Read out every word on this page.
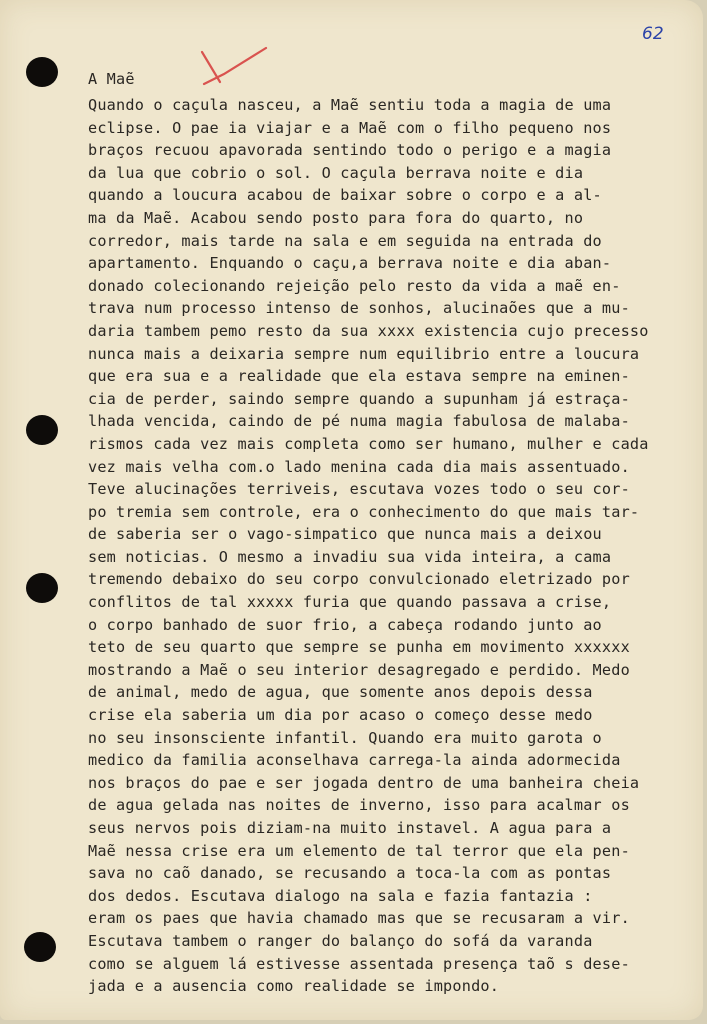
62
A Maẽ
Quando o caçula nasceu, a Maẽ sentiu toda a magia de uma
eclipse. O pae ia viajar e a Maẽ com o filho pequeno nos
braços recuou apavorada sentindo todo o perigo e a magia
da lua que cobrio o sol. O caçula berrava noite e dia
quando a loucura acabou de baixar sobre o corpo e a al-
ma da Maẽ. Acabou sendo posto para fora do quarto, no
corredor, mais tarde na sala e em seguida na entrada do
apartamento. Enquando o caçu,a berrava noite e dia aban-
donado colecionando rejeição pelo resto da vida a maẽ en-
trava num processo intenso de sonhos, alucinaões que a mu-
daria tambem pemo resto da sua xxxx existencia cujo precesso
nunca mais a deixaria sempre num equilibrio entre a loucura
que era sua e a realidade que ela estava sempre na eminen-
cia de perder, saindo sempre quando a supunham já estraça-
lhada vencida, caindo de pé numa magia fabulosa de malaba-
rismos cada vez mais completa como ser humano, mulher e cada
vez mais velha com.o lado menina cada dia mais assentuado.
Teve alucinações terriveis, escutava vozes todo o seu cor-
po tremia sem controle, era o conhecimento do que mais tar-
de saberia ser o vago-simpatico que nunca mais a deixou
sem noticias. O mesmo a invadiu sua vida inteira, a cama
tremendo debaixo do seu corpo convulcionado eletrizado por
conflitos de tal xxxxx furia que quando passava a crise,
o corpo banhado de suor frio, a cabeça rodando junto ao
teto de seu quarto que sempre se punha em movimento xxxxxx
mostrando a Maẽ o seu interior desagregado e perdido. Medo
de animal, medo de agua, que somente anos depois dessa
crise ela saberia um dia por acaso o começo desse medo
no seu insonsciente infantil. Quando era muito garota o
medico da familia aconselhava carrega-la ainda adormecida
nos braços do pae e ser jogada dentro de uma banheira cheia
de agua gelada nas noites de inverno, isso para acalmar os
seus nervos pois diziam-na muito instavel. A agua para a
Maẽ nessa crise era um elemento de tal terror que ela pen-
sava no caõ danado, se recusando a toca-la com as pontas
dos dedos. Escutava dialogo na sala e fazia fantazia :
eram os paes que havia chamado mas que se recusaram a vir.
Escutava tambem o ranger do balanço do sofá da varanda
como se alguem lá estivesse assentada presença taõ s dese-
jada e a ausencia como realidade se impondo.
